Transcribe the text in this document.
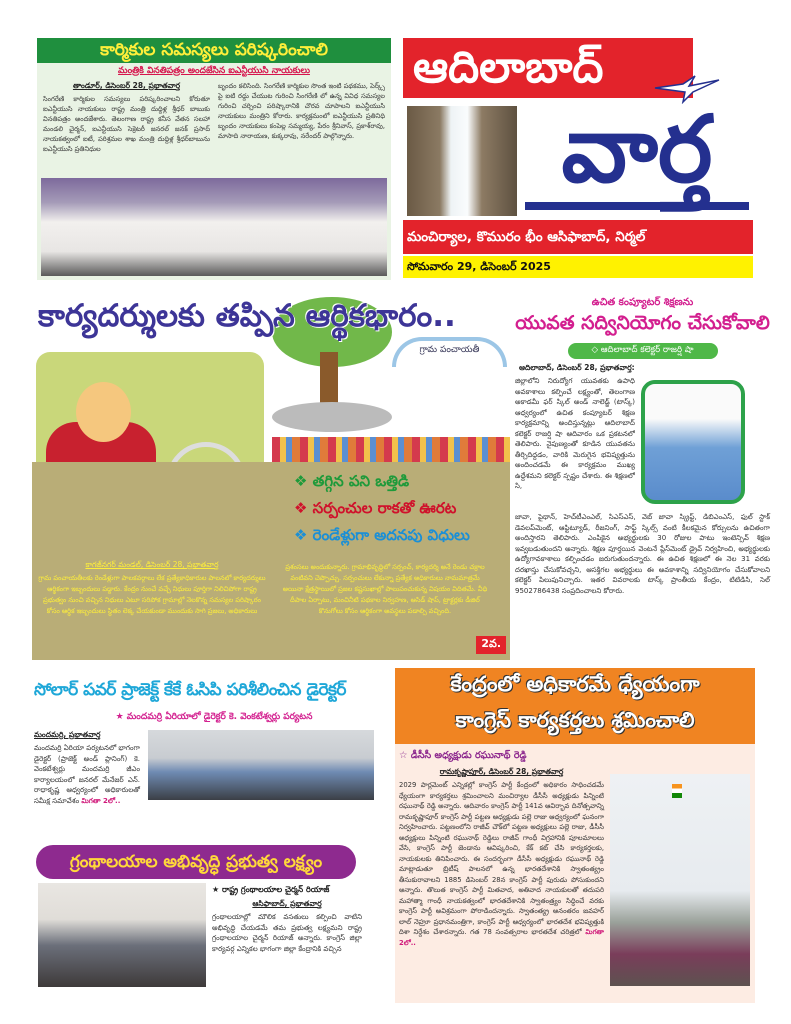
కార్మికుల సమస్యలు పరిష్కరించాలి
మంత్రికి వినతిపత్రం అందజేసిన ఐఎన్టీయుసి నాయకులు
తాండూర్, డిసెంబర్ 28, ప్రభాతవార్త
సింగరేణి కార్మికుల సమస్యలు పరిష్కరించాలని కోరుతూ ఐఎన్టీయుసి నాయకులు రాష్ట్ర మంత్రి దుద్దిళ్ల శ్రీధర్ బాబుకు వినతిపత్రం అందజేశారు. తెలంగాణ రాష్ట్ర కనీస వేతన సలహా మండలి చైర్మన్, ఐఎన్టీయుసి సెక్రెటరీ జనరల్ జనక్ ప్రసాద్ నాయకత్వంలో ఐటీ, పరిశ్రమల శాఖ మంత్రి దుద్దిళ్ల శ్రీధర్‌బాబును ఐఎన్టీయుసి ప్రతినిధుల
బృందం కలిసింది. సింగరేణి కార్మికుల సొంత ఇంటి పథకము, పెర్క్స్ పై ఐటి రద్దు చేయుట గురించి సింగరేణి లో ఉన్న వివిధ సమస్యల గురించి చర్చించి పరిష్కారానికి చొరవ చూపాలని ఐఎన్టీయుసి నాయకులు మంత్రిని కోరారు. కార్యక్రమంలో ఐఎన్టీయుసి ప్రతినిధి బృందం నాయకులు కంపెల్ల సమ్మయ్య, పేరం శ్రీనివాస్, ప్రకాశ్‌రావు, మాసాది నారాయణ, కుక్కరావు, నరేందర్ పాల్గొన్నారు.
ఆదిలాబాద్
వార్త
మంచిర్యాల, కొమురం భీం ఆసిఫాబాద్, నిర్మల్
సోమవారం 29, డిసెంబర్ 2025
గ్రామ పంచాయతీ
కార్యదర్శులకు తప్పిన ఆర్థికభారం..
❖ తగ్గిన పని ఒత్తిడి
❖ సర్పంచుల రాకతో ఊరట
❖ రెండేళ్లుగా అదనపు విధులు
కాగజ్‌నగర్ మండల్, డిసెంబర్ 28, ప్రభాతవార్త
గ్రామ పంచాయతీలకు రెండేళ్లుగా పాలకవర్గాలు లేక ప్రత్యేకాధికారుల పాలనలో కార్యదర్శులు ఆర్థికంగా ఇబ్బందులు పడ్డారు. కేంద్రం నుంచే వచ్చే నిధులు పూర్తిగా నిలిచిపోగా రాష్ట్ర ప్రభుత్వం నుంచి వచ్చిన నిధులు ఎటూ సరిపోక గ్రామాల్లో నెలకొన్న సమస్యల పరిష్కారం కోసం ఆర్థిక ఇబ్బందులు స్థితం లెక్క చేయకుండా ముందుకు సాగి ప్రజలు, అధికారులు
ప్రశంసలు అందుకున్నారు. గ్రామాభివృద్ధిలో సర్పంచ్, కార్యదర్శి అనే రెండు చక్రాల వంటివని చెప్పొచ్చు. సర్పంచులు లేకున్నా ప్రత్యేక అధికారులు నామమాత్రమే అయినా క్షేత్రస్థాయిలో ప్రజల కష్టసుఖాల్లో పాలుపంచుకున్న విషయం విదితమే. వీధి దీపాల ఏర్పాటు, మంచినీటి పథకాల నిర్వహణ, ఆసిడ్ షాప్, ట్రాక్టర్లకు డీజిల్ కొనుగోలు కోసం ఆర్థికంగా అవస్థలు పడాల్సి వచ్చింది.
2వ.
ఉచిత కంప్యూటర్ శిక్షణను
యువత సద్వినియోగం చేసుకోవాలి
◇ ఆదిలాబాద్ కలెక్టర్ రాజర్షి షా
ఆదిలాబాద్, డిసెంబర్ 28, ప్రభాతవార్త:
జిల్లాలోని నిరుద్యోగ యువతకు ఉపాధి అవకాశాలు కల్పించే లక్ష్యంతో, తెలంగాణ అకాడమీ ఫర్ స్కిల్ అండ్ నాలెడ్జ్ (టాస్క్) ఆధ్వర్యంలో ఉచిత కంప్యూటర్ శిక్షణ కార్యక్రమాన్ని అందిస్తున్నట్లు ఆదిలాబాద్ కలెక్టర్ రాజర్షి షా ఆదివారం ఒక ప్రకటనలో తెలిపారు. నైపుణ్యంతో కూడిన యువతను తీర్చిదిద్దడం, వారికి మెరుగైన భవిష్యత్తును అందించడమే ఈ కార్యక్రమం ముఖ్య ఉద్దేశమని కలెక్టర్ స్పష్టం చేశారు. ఈ శిక్షణలో సి,
జావా, పైథాన్, హెచ్‌టీఎంఎల్, సిఎస్ఎస్, వెబ్ జావా స్క్రిప్ట్, డిబిఎంఎస్, ఫుల్ స్టాక్ డెవలప్‌మెంట్, ఆప్టిట్యూడ్, రీజనింగ్, సాఫ్ట్ స్కిల్స్ వంటి కీలకమైన కోర్సులను ఉచితంగా అందిస్తారని తెలిపారు. ఎంపికైన అభ్యర్థులకు 30 రోజుల పాటు ఇంటెన్సివ్ శిక్షణ ఇవ్వబడుతుందని అన్నారు. శిక్షణ పూర్తయిన వెంటనే ప్లేస్‌మెంట్ డ్రైవ్ నిర్వహించి, అభ్యర్థులకు ఉద్యోగావకాశాలు కల్పించడం జరుగుతుందన్నారు. ఈ ఉచిత శిక్షణలో ఈ నెల 31 వరకు దరఖాస్తు చేసుకోవచ్చని, ఆసక్తిగల అభ్యర్థులు ఈ అవకాశాన్ని సద్వినియోగం చేసుకోవాలని కలెక్టర్ పిలుపునిచ్చారు. ఇతర వివరాలకు టాస్క్ ప్రాంతీయ కేంద్రం, టిటిడిసి, సెల్ 9502786438 సంప్రదించాలని కోరారు.
సోలార్ పవర్ ప్రాజెక్ట్ కేకే ఓసిపి పరిశీలించిన డైరెక్టర్
★ మందమర్రి ఏరియాలో డైరెక్టర్ కె. వెంకటేశ్వర్లు పర్యటన
మందమర్రి, ప్రభాతవార్త
మందమర్రి ఏరియా పర్యటనలో భాగంగా డైరెక్టర్ (ప్రాజెక్ట్ అండ్ ప్లానింగ్) కె. వెంకటేశ్వర్లు మందమర్రి జీఎం కార్యాలయంలో జనరల్ మేనేజర్ ఎన్. రాధాకృష్ణ ఆధ్వర్యంలో అధికారులతో సమీక్ష సమావేశం మిగతా 2లో..
గ్రంథాలయాల అభివృద్ధి ప్రభుత్వ లక్ష్యం
★ రాష్ట్ర గ్రంథాలయాల చైర్మన్ రియాజ్
ఆసిఫాబాద్, ప్రభాతవార్త
గ్రంథాలయాల్లో మౌలిక వసతులు కల్పించి వాటిని అభివృద్ధి చేయడమే తమ ప్రభుత్వ లక్ష్యమని రాష్ట్ర గ్రంథాలయాల చైర్మన్ రియాజ్ అన్నారు. కాంగ్రెస్ జిల్లా కార్యవర్గ ఎన్నికల భాగంగా జిల్లా కేంద్రానికి వచ్చిన
కేంద్రంలో అధికారమే ధ్యేయంగా
కాంగ్రెస్ కార్యకర్తలు శ్రమించాలి
☆ డీసీసీ అధ్యక్షుడు రఘునాథ్ రెడ్డి
రామకృష్ణాపూర్, డిసెంబర్ 28, ప్రభాతవార్త
2029 పార్లమెంట్ ఎన్నికల్లో కాంగ్రెస్ పార్టీ కేంద్రంలో అధికారం సాధించడమే ధ్యేయంగా కార్యకర్తలు శ్రమించాలని మంచిర్యాల డీసీసీ అధ్యక్షుడు పిన్నింటి రఘునాథ్ రెడ్డి అన్నారు. ఆదివారం కాంగ్రెస్ పార్టీ 141వ ఆవిర్భావ దినోత్సవాన్ని రామకృష్ణాపూర్ కాంగ్రెస్ పార్టీ పట్టణ అధ్యక్షుడు పల్లె రాజు ఆధ్వర్యంలో ఘనంగా నిర్వహించారు. పట్టణంలోని రాజీవ్ చౌక్‌లో పట్టణ అధ్యక్షులు పల్లె రాజు, డీసీసీ అధ్యక్షులు పిన్నింటి రఘునాథ్ రెడ్డిలు రాజీవ్ గాంధీ విగ్రహానికి పూలమాలలు వేసి, కాంగ్రెస్ పార్టీ జెండాను ఆవిష్కరించి, కేక్ కట్ చేసి కార్యకర్తలకు, నాయకులకు తినిపించారు. ఈ సందర్భంగా డీసీసీ అధ్యక్షుడు రఘునాథ్ రెడ్డి మాట్లాడుతూ బ్రిటీష్ పాలనలో ఉన్న భారతదేశానికి స్వాతంత్య్రం తీసుకురావాలని 1885 డిసెంబర్ 28న కాంగ్రెస్ పార్టీ పురుడు పోసుకుందని అన్నారు. తొలుత కాంగ్రెస్ పార్టీ మితవాద, అతివాద నాయకులతో తదుపరి మహాత్మా గాంధీ నాయకత్వంలో భారతదేశానికి స్వాతంత్ర్యం సిద్ధించే వరకు కాంగ్రెస్ పార్టీ అవిశ్రమంగా పోరాడిందన్నారు. స్వాతంత్య్ర అనంతరం జవహర్ లాల్ నెహ్రూ ప్రధానమంత్రిగా, కాంగ్రెస్ పార్టీ ఆధ్వర్యంలో భారతదేశ భవిష్యత్తుకి దిశా నిర్దేశం చేశారన్నారు. గత 78 సంవత్సరాల భారతదేశ చరిత్రలో మిగతా 2లో..
